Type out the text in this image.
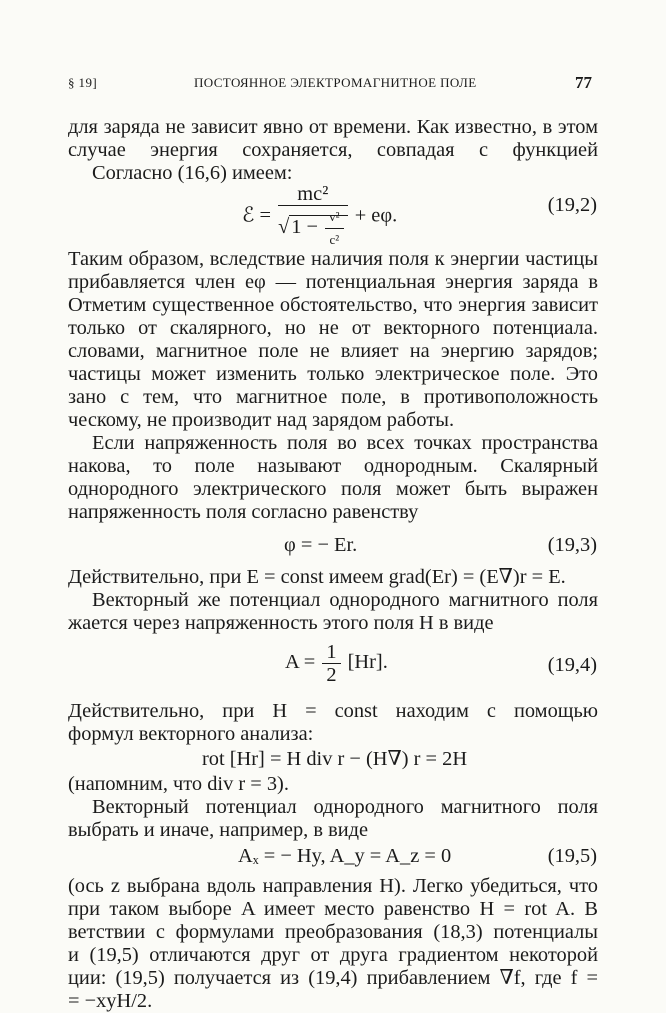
§ 19]	ПОСТОЯННОЕ ЭЛЕКТРОМАГНИТНОЕ ПОЛЕ	77
для заряда не зависит явно от времени. Как известно, в этом
случае энергия сохраняется, совпадая с функцией
Согласно (16,6) имеем:
ℰ = $\frac{\text{mc²}}{√1 - \frac{\text{v²}}{\text{c²}}} + e\varphi$.	(19,2)
Таким образом, вследствие наличия поля к энергии частицы
прибавляется член eφ — потенциальная энергия заряда в
Отметим существенное обстоятельство, что энергия зависит
только от скалярного, но не от векторного потенциала.
словами, магнитное поле не влияет на энергию зарядов;
частицы может изменить только электрическое поле. Это
зано с тем, что магнитное поле, в противоположность
ческому, не производит над зарядом работы.
Если напряженность поля во всех точках пространства
накова, то поле называют однородным. Скалярный
однородного электрического поля может быть выражен
напряженность поля согласно равенству
φ = − Er.	(19,3)
Действительно, при E = const имеем grad(Er) = (E∇)r = E.
Векторный же потенциал однородного магнитного поля
жается через напряженность этого поля H в виде
$A = \frac{1}{2} [Hr]$.	(19,4)
Действительно, при H = const находим с помощью
формул векторного анализа:
rot [Hr] = H div r − (H∇) r = 2H
(напомним, что div r = 3).
Векторный потенциал однородного магнитного поля
выбрать и иначе, например, в виде
Aₓ = − Hy, A_y = A_z = 0	(19,5)
(ось z выбрана вдоль направления H). Легко убедиться, что
при таком выборе A имеет место равенство H = rot A. В
ветствии с формулами преобразования (18,3) потенциалы
и (19,5) отличаются друг от друга градиентом некоторой
ции: (19,5) получается из (19,4) прибавлением ∇f, где f =
= −xyH/2.
